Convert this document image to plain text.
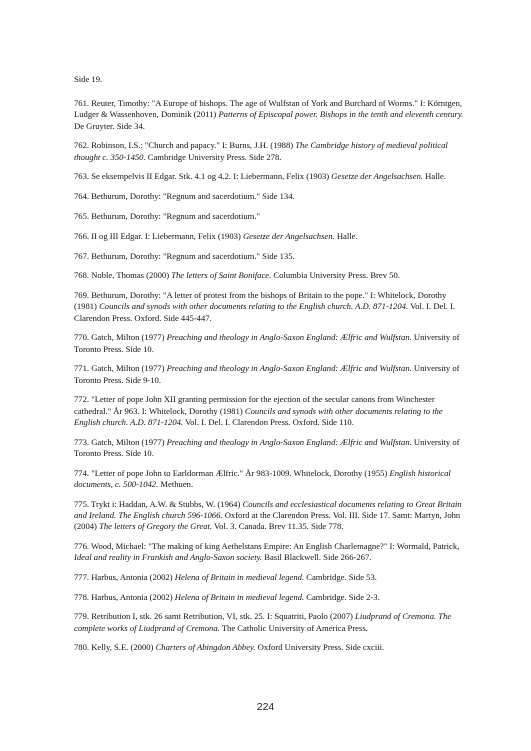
Side 19.

761. Reuter, Timothy: "A Europe of bishops. The age of Wulfstan of York and Burchard of Worms." I: Körntgen, Ludger & Wassenhoven, Dominik (2011) Patterns of Episcopal power. Bishops in the tenth and eleventh century. De Gruyter. Side 34.

762. Robinson, I.S.: "Church and papacy." I: Burns, J.H. (1988) The Cambridge history of medieval political thought c. 350-1450. Cambridge University Press. Side 278.

763. Se eksempelvis II Edgar. Stk. 4.1 og 4.2. I: Liebermann, Felix (1903) Gesetze der Angelsachsen. Halle.

764. Bethurum, Dorothy: "Regnum and sacerdotium." Side 134.

765. Bethurum, Dorothy: "Regnum and sacerdotium."

766. II og III Edgar. I: Liebermann, Felix (1903) Gesetze der Angelsachsen. Halle.

767. Bethurum, Dorothy: "Regnum and sacerdotium." Side 135.

768. Noble, Thomas (2000) The letters of Saint Boniface. Columbia University Press. Brev 50.

769. Bethurum, Dorothy: "A letter of protest from the bishops of Britain to the pope." I: Whitelock, Dorothy (1981) Councils and synods with other documents relating to the English church. A.D. 871-1204. Vol. I. Del. I. Clarendon Press. Oxford. Side 445-447.

770. Gatch, Milton (1977) Preaching and theology in Anglo-Saxon England: Ælfric and Wulfstan. University of Toronto Press. Side 10.

771. Gatch, Milton (1977) Preaching and theology in Anglo-Saxon England: Ælfric and Wulfstan. University of Toronto Press. Side 9-10.

772. "Letter of pope John XII granting permission for the ejection of the secular canons from Winchester cathedral." År 963. I: Whitelock, Dorothy (1981) Councils and synods with other documents relating to the English church. A.D. 871-1204. Vol. I. Del. I. Clarendon Press. Oxford. Side 110.

773. Gatch, Milton (1977) Preaching and theology in Anglo-Saxon England: Ælfric and Wulfstan. University of Toronto Press. Side 10.

774. "Letter of pope John to Earldorman Ælfric." År 983-1009. Whitelock, Dorothy (1955) English historical documents, c. 500-1042. Methuen.

775. Trykt i: Haddan, A.W. & Stubbs, W. (1964) Councils and ecclesiastical documents relating to Great Britain and Ireland. The English church 596-1066. Oxford at the Clarendon Press. Vol. III. Side 17. Samt: Martyn, John (2004) The letters of Gregory the Great. Vol. 3. Canada. Brev 11.35. Side 778.

776. Wood, Michael: "The making of king Aethelstans Empire: An English Charlemagne?" I: Wormald, Patrick, Ideal and reality in Frankish and Anglo-Saxon society. Basil Blackwell. Side 266-267.

777. Harbus, Antonia (2002) Helena of Britain in medieval legend. Cambridge. Side 53.

778. Harbus, Antonia (2002) Helena of Britain in medieval legend. Cambridge. Side 2-3.

779. Retribution I, stk. 26 samt Retribution, VI, stk. 25. I: Squatriti, Paolo (2007) Liudprand of Cremona. The complete works of Liudprand of Cremona. The Catholic University of America Press.

780. Kelly, S.E. (2000) Charters of Abingdon Abbey. Oxford University Press. Side cxciii.

224
